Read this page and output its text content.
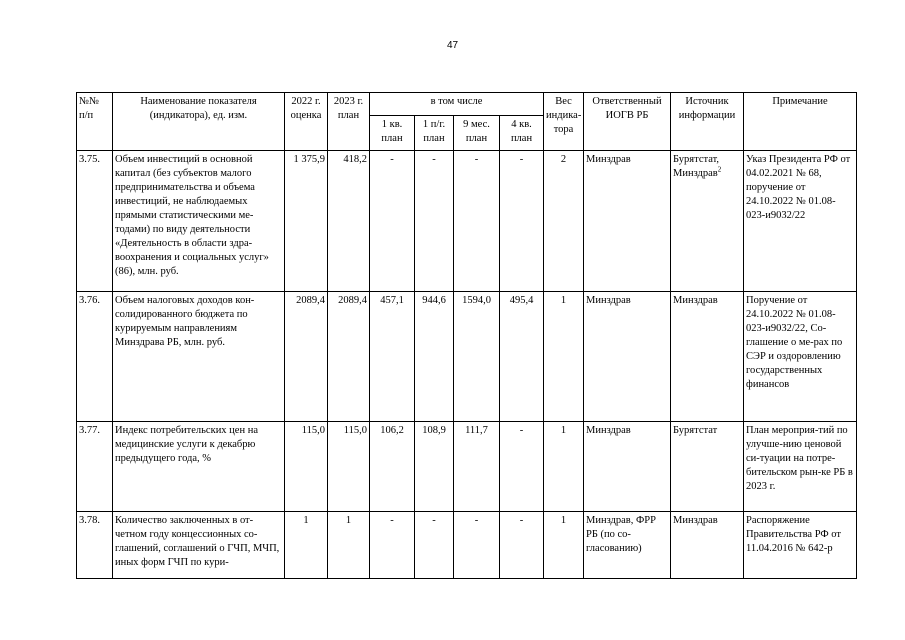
47
№№ п/п	Наименование показателя (индикатора), ед. изм.	2022 г. оценка	2023 г. план	в том числе				Вес индика-тора	Ответственный ИОГВ РБ	Источник информации	Примечание
				1 кв. план	1 п/г. план	9 мес. план	4 кв. план				
3.75.	Объем инвестиций в основной капитал (без субъектов малого предпринимательства и объема инвестиций, не наблюдаемых прямыми статистическими ме-тодами) по виду деятельности «Деятельность в области здра-воохранения и социальных услуг» (86), млн. руб.	1 375,9	418,2	-	-	-	-	2	Минздрав	Бурятстат, Минздрав$^2$	Указ Президента РФ от 04.02.2021 № 68, поручение от 24.10.2022 № 01.08-023-и9032/22
3.76.	Объем налоговых доходов кон-солидированного бюджета по курируемым направлениям Минздрава РБ, млн. руб.	2089,4	2089,4	457,1	944,6	1594,0	495,4	1	Минздрав	Минздрав	Поручение от 24.10.2022 № 01.08-023-и9032/22, Со-глашение о ме-рах по СЭР и оздоровлению государственных финансов
3.77.	Индекс потребительских цен на медицинские услуги к декабрю предыдущего года, %	115,0	115,0	106,2	108,9	111,7	-	1	Минздрав	Бурятстат	План мероприя-тий по улучше-нию ценовой си-туации на потре-бительском рын-ке РБ в 2023 г.
3.78.	Количество заключенных в от-четном году концессионных со-глашений, соглашений о ГЧП, МЧП, иных форм ГЧП по кури-	1	1	-	-	-	-	1	Минздрав, ФРР РБ (по со-гласованию)	Минздрав	Распоряжение Правительства РФ от 11.04.2016 № 642-р
